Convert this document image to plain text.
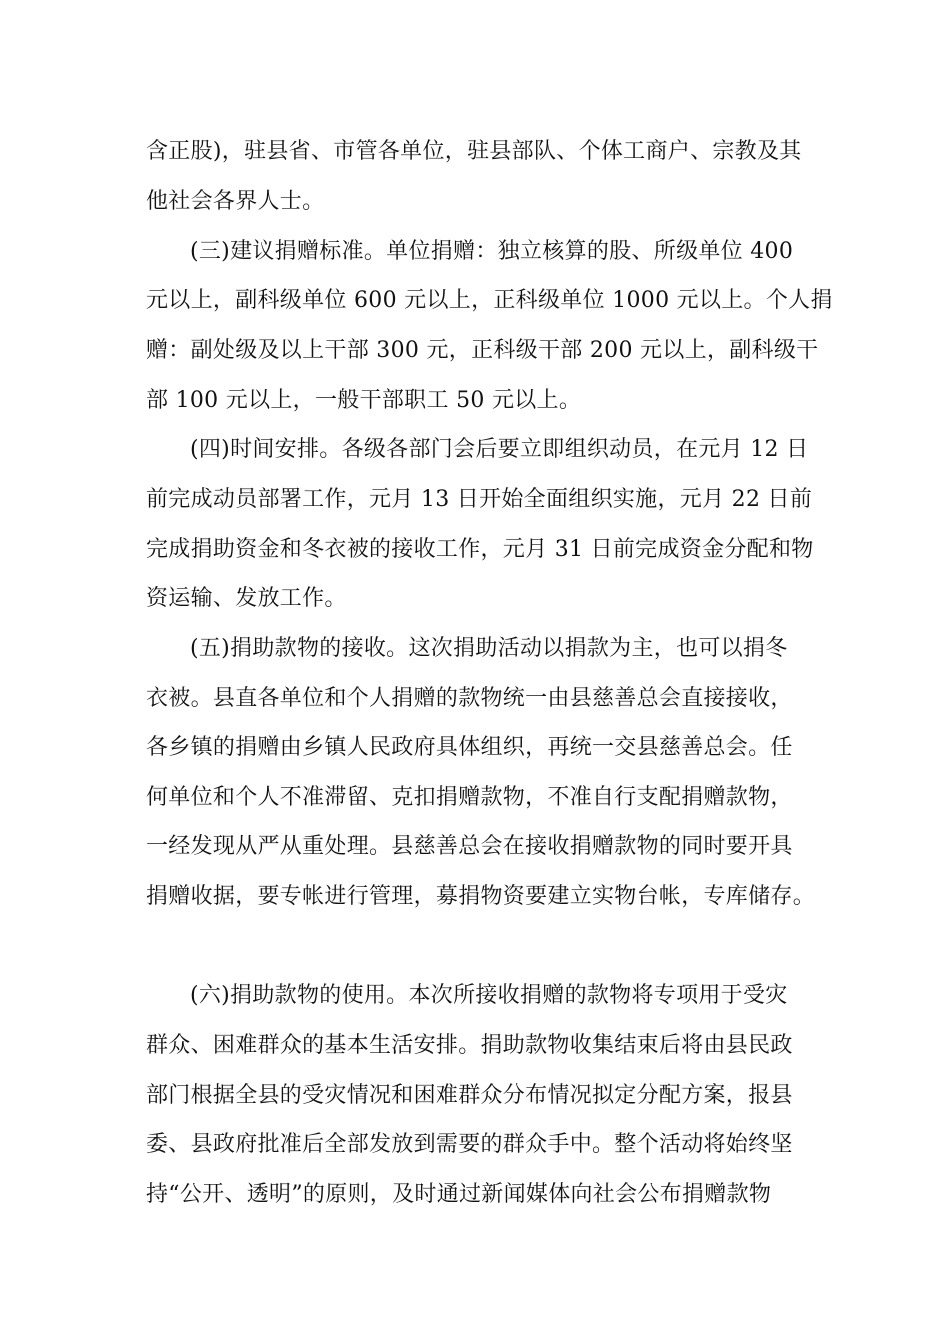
含正股)，驻县省、市管各单位，驻县部队、个体工商户、宗教及其
他社会各界人士。
(三)建议捐赠标准。单位捐赠：独立核算的股、所级单位 400
元以上，副科级单位 600 元以上，正科级单位 1000 元以上。个人捐
赠：副处级及以上干部 300 元，正科级干部 200 元以上，副科级干
部 100 元以上，一般干部职工 50 元以上。
(四)时间安排。各级各部门会后要立即组织动员，在元月 12 日
前完成动员部署工作，元月 13 日开始全面组织实施，元月 22 日前
完成捐助资金和冬衣被的接收工作，元月 31 日前完成资金分配和物
资运输、发放工作。
(五)捐助款物的接收。这次捐助活动以捐款为主，也可以捐冬
衣被。县直各单位和个人捐赠的款物统一由县慈善总会直接接收，
各乡镇的捐赠由乡镇人民政府具体组织，再统一交县慈善总会。任
何单位和个人不准滞留、克扣捐赠款物，不准自行支配捐赠款物，
一经发现从严从重处理。县慈善总会在接收捐赠款物的同时要开具
捐赠收据，要专帐进行管理，募捐物资要建立实物台帐，专库储存。
(六)捐助款物的使用。本次所接收捐赠的款物将专项用于受灾
群众、困难群众的基本生活安排。捐助款物收集结束后将由县民政
部门根据全县的受灾情况和困难群众分布情况拟定分配方案，报县
委、县政府批准后全部发放到需要的群众手中。整个活动将始终坚
持“公开、透明”的原则，及时通过新闻媒体向社会公布捐赠款物
